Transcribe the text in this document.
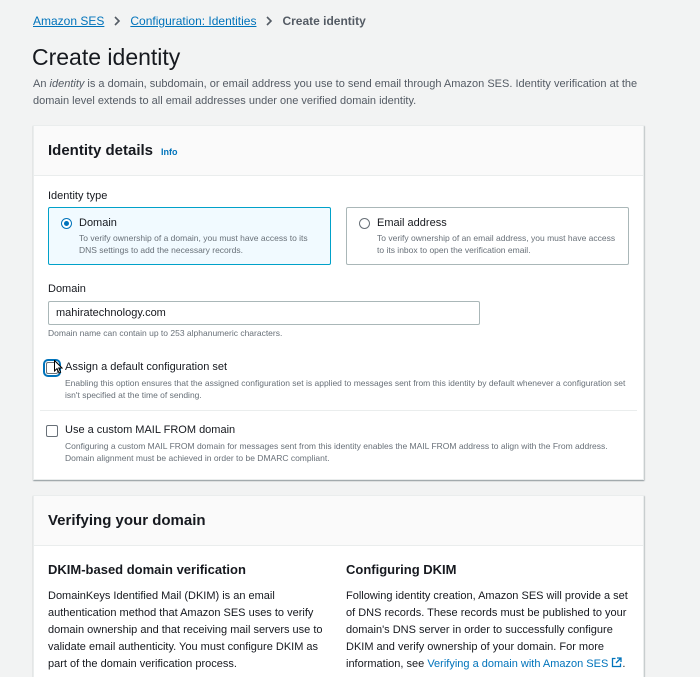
Amazon SES Configuration: Identities Create identity
Create identity

An identity is a domain, subdomain, or email address you use to send email through Amazon SES. Identity verification at the domain level extends to all email addresses under one verified domain identity.

Identity details Info
Identity type
Domain
To verify ownership of a domain, you must have access to its DNS settings to add the necessary records.
Email address
To verify ownership of an email address, you must have access to its inbox to open the verification email.
Domain
mahiratechnology.com
Domain name can contain up to 253 alphanumeric characters.
Assign a default configuration set
Enabling this option ensures that the assigned configuration set is applied to messages sent from this identity by default whenever a configuration set isn't specified at the time of sending.
Use a custom MAIL FROM domain
Configuring a custom MAIL FROM domain for messages sent from this identity enables the MAIL FROM address to align with the From address. Domain alignment must be achieved in order to be DMARC compliant.
Verifying your domain
DKIM-based domain verification

DomainKeys Identified Mail (DKIM) is an email authentication method that Amazon SES uses to verify domain ownership and that receiving mail servers use to validate email authenticity. You must configure DKIM as part of the domain verification process.

Configuring DKIM

Following identity creation, Amazon SES will provide a set of DNS records. These records must be published to your domain's DNS server in order to successfully configure DKIM and verify ownership of your domain. For more information, see Verifying a domain with Amazon SES .
